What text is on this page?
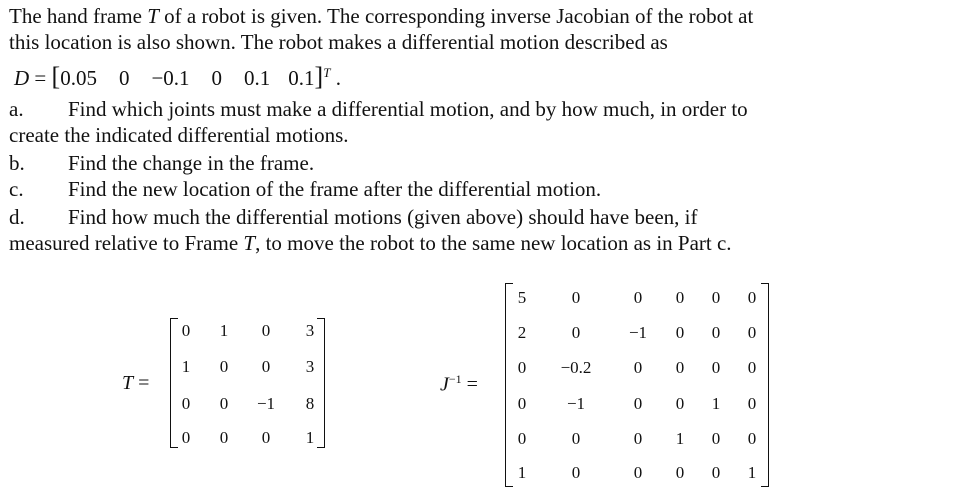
The hand frame T of a robot is given. The corresponding inverse Jacobian of the robot at
this location is also shown. The robot makes a differential motion described as
D = [0.05 0 −0.1 0 0.1 0.1]$^T$ .
a. Find which joints must make a differential motion, and by how much, in order to
create the indicated differential motions.
b. Find the change in the frame.
c. Find the new location of the frame after the differential motion.
d. Find how much the differential motions (given above) should have been, if
measured relative to Frame T, to move the robot to the same new location as in Part c.
T =
0	1	0	3
1	0	0	3
0	0	−1	8
0	0	0	1
$J^{-1}$ =
5	0	0	0	0	0
2	0	−1	0	0	0
0	−0.2	0	0	0	0
0	−1	0	0	1	0
0	0	0	1	0	0
1	0	0	0	0	1
